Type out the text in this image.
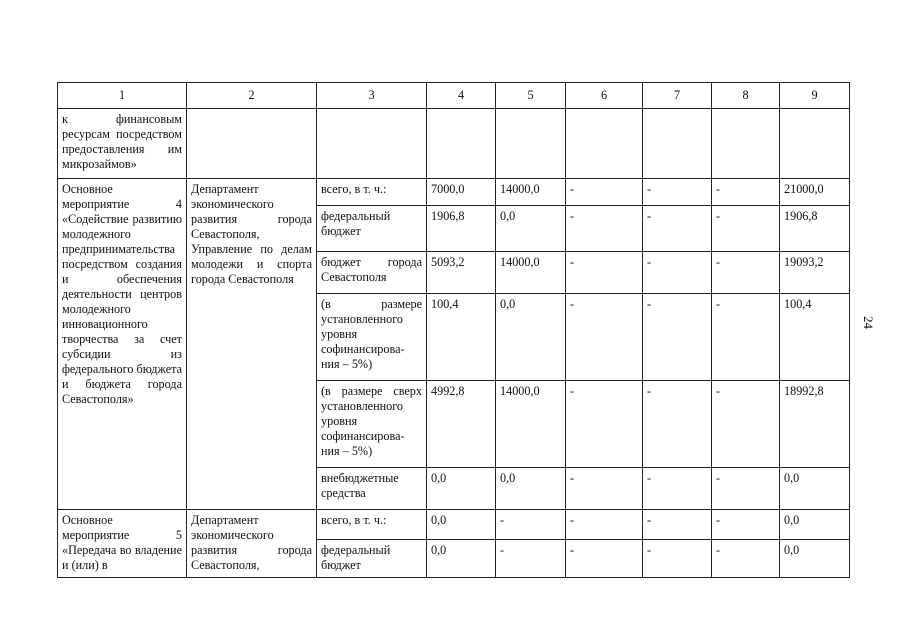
1	2	3	4	5	6	7	8	9
к финансовым ресурсам посредством предоставления им микрозаймов»								
Основное мероприятие 4 «Содействие развитию молодежного предпринимательства посредством создания и обеспечения деятельности центров молодежного инновационного творчества за счет субсидии из федерального бюджета и бюджета города Севастополя»	Департамент экономического развития города Севастополя, Управление по делам молодежи и спорта города Севастополя	всего, в т. ч.:	7000,0	14000,0	-	-	-	21000,0
		федеральный бюджет	1906,8	0,0	-	-	-	1906,8
		бюджет города Севастополя	5093,2	14000,0	-	-	-	19093,2
		(в размере установленного уровня софинансирова-ния – 5%)	100,4	0,0	-	-	-	100,4
		(в размере сверх установленного уровня софинансирова-ния – 5%)	4992,8	14000,0	-	-	-	18992,8
		внебюджетные средства	0,0	0,0	-	-	-	0,0
Основное мероприятие 5 «Передача во владение и (или) в	Департамент экономического развития города Севастополя,	всего, в т. ч.:	0,0	-	-	-	-	0,0
		федеральный бюджет	0,0	-	-	-	-	0,0
24
